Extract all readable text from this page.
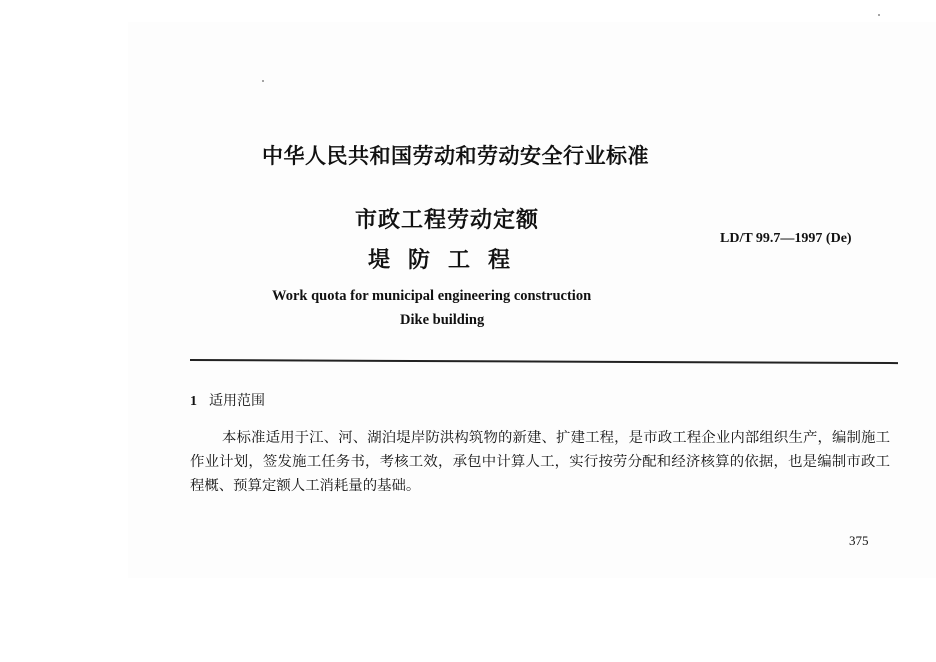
中华人民共和国劳动和劳动安全行业标准
市政工程劳动定额
堤防工程
LD/T 99.7—1997 (De)
Work quota for municipal engineering construction
Dike building
1 适用范围

本标准适用于江、河、湖泊堤岸防洪构筑物的新建、扩建工程，是市政工程企业内部组织生产，编制施工作业计划，签发施工任务书，考核工效，承包中计算人工，实行按劳分配和经济核算的依据，也是编制市政工程概、预算定额人工消耗量的基础。

375
